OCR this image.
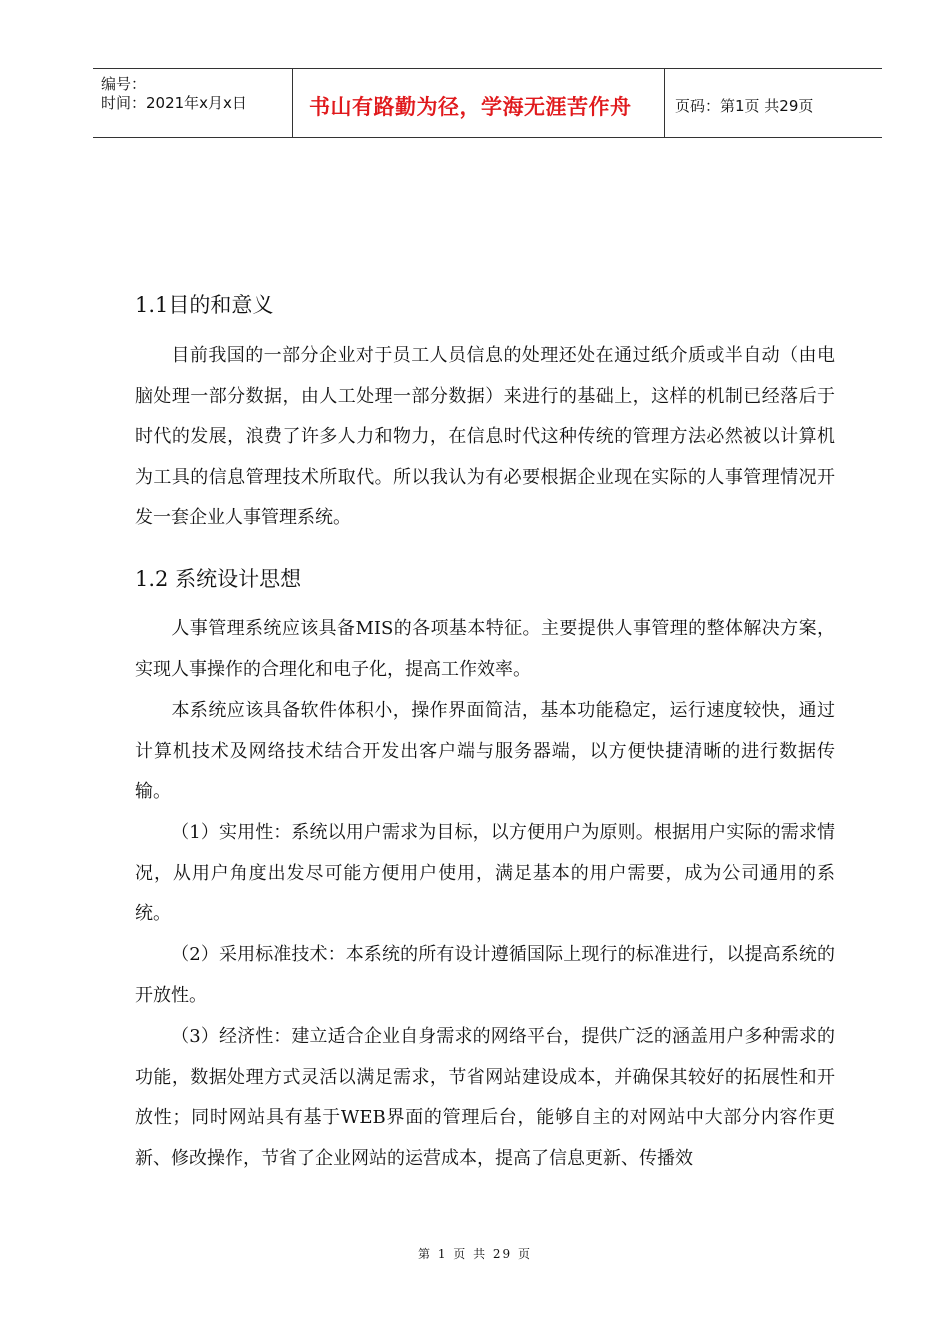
编号：
时间：2021年x月x日	书山有路勤为径，学海无涯苦作舟	页码：第1页 共29页
1.1目的和意义
目前我国的一部分企业对于员工人员信息的处理还处在通过纸介质或半自动（由电脑处理一部分数据，由人工处理一部分数据）来进行的基础上，这样的机制已经落后于时代的发展，浪费了许多人力和物力，在信息时代这种传统的管理方法必然被以计算机为工具的信息管理技术所取代。所以我认为有必要根据企业现在实际的人事管理情况开发一套企业人事管理系统。
1.2 系统设计思想
人事管理系统应该具备MIS的各项基本特征。主要提供人事管理的整体解决方案，实现人事操作的合理化和电子化，提高工作效率。
本系统应该具备软件体积小，操作界面简洁，基本功能稳定，运行速度较快，通过计算机技术及网络技术结合开发出客户端与服务器端，以方便快捷清晰的进行数据传输。
（1）实用性：系统以用户需求为目标，以方便用户为原则。根据用户实际的需求情况，从用户角度出发尽可能方便用户使用，满足基本的用户需要，成为公司通用的系统。
（2）采用标准技术：本系统的所有设计遵循国际上现行的标准进行，以提高系统的开放性。
（3）经济性：建立适合企业自身需求的网络平台，提供广泛的涵盖用户多种需求的功能，数据处理方式灵活以满足需求，节省网站建设成本，并确保其较好的拓展性和开放性；同时网站具有基于WEB界面的管理后台，能够自主的对网站中大部分内容作更新、修改操作，节省了企业网站的运营成本，提高了信息更新、传播效
第 1 页 共 29 页
